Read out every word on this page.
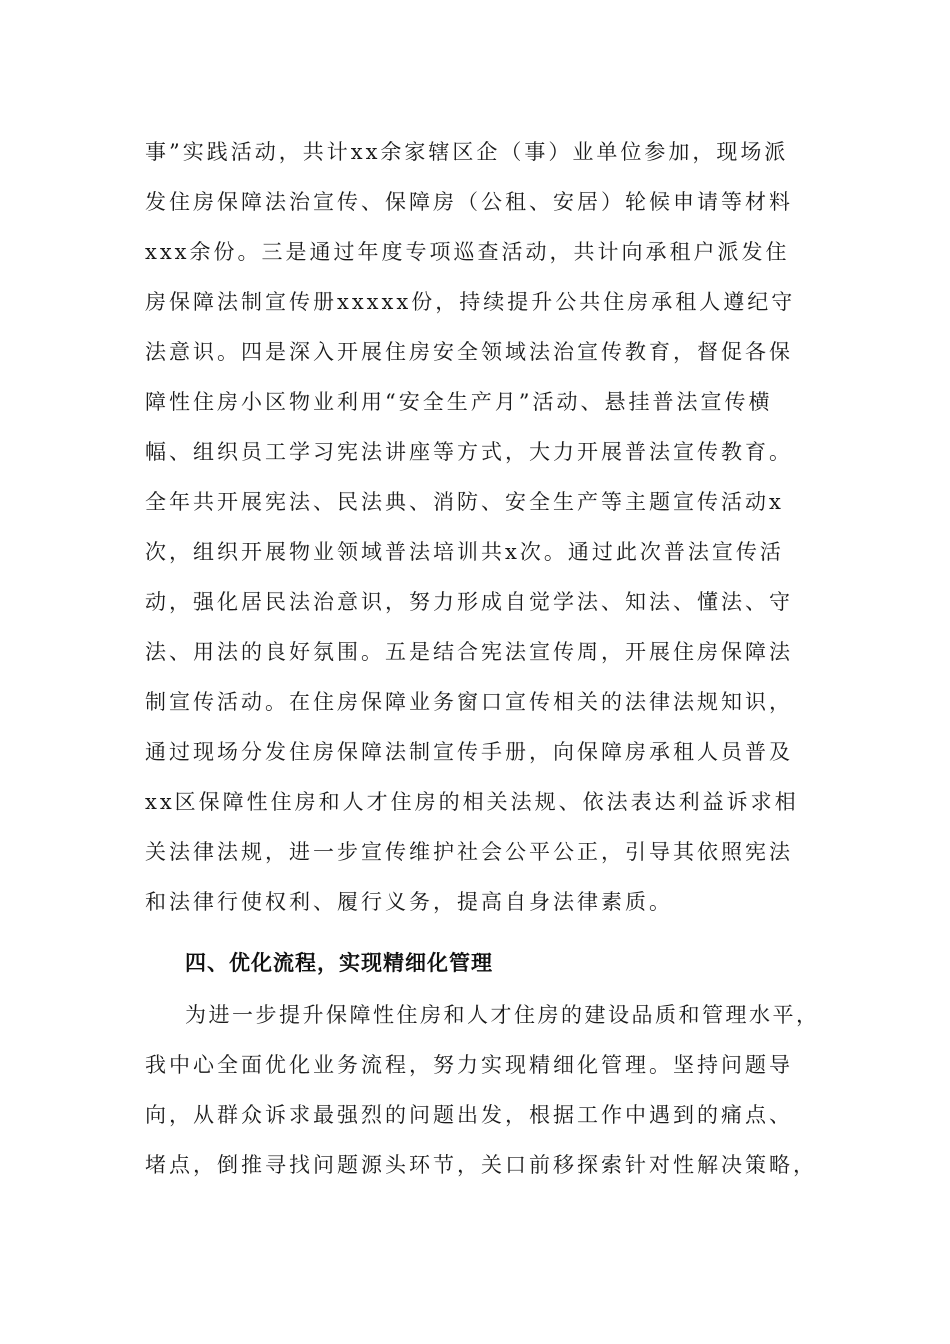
事”实践活动，共计xx余家辖区企（事）业单位参加，现场派
发住房保障法治宣传、保障房（公租、安居）轮候申请等材料
xxx余份。三是通过年度专项巡查活动，共计向承租户派发住
房保障法制宣传册xxxxx份，持续提升公共住房承租人遵纪守
法意识。四是深入开展住房安全领域法治宣传教育，督促各保
障性住房小区物业利用“安全生产月”活动、悬挂普法宣传横
幅、组织员工学习宪法讲座等方式，大力开展普法宣传教育。
全年共开展宪法、民法典、消防、安全生产等主题宣传活动x
次，组织开展物业领域普法培训共x次。通过此次普法宣传活
动，强化居民法治意识，努力形成自觉学法、知法、懂法、守
法、用法的良好氛围。五是结合宪法宣传周，开展住房保障法
制宣传活动。在住房保障业务窗口宣传相关的法律法规知识，
通过现场分发住房保障法制宣传手册，向保障房承租人员普及
xx区保障性住房和人才住房的相关法规、依法表达利益诉求相
关法律法规，进一步宣传维护社会公平公正，引导其依照宪法
和法律行使权利、履行义务，提高自身法律素质。
四、优化流程，实现精细化管理
为进一步提升保障性住房和人才住房的建设品质和管理水平，
我中心全面优化业务流程，努力实现精细化管理。坚持问题导
向，从群众诉求最强烈的问题出发，根据工作中遇到的痛点、
堵点，倒推寻找问题源头环节，关口前移探索针对性解决策略，
